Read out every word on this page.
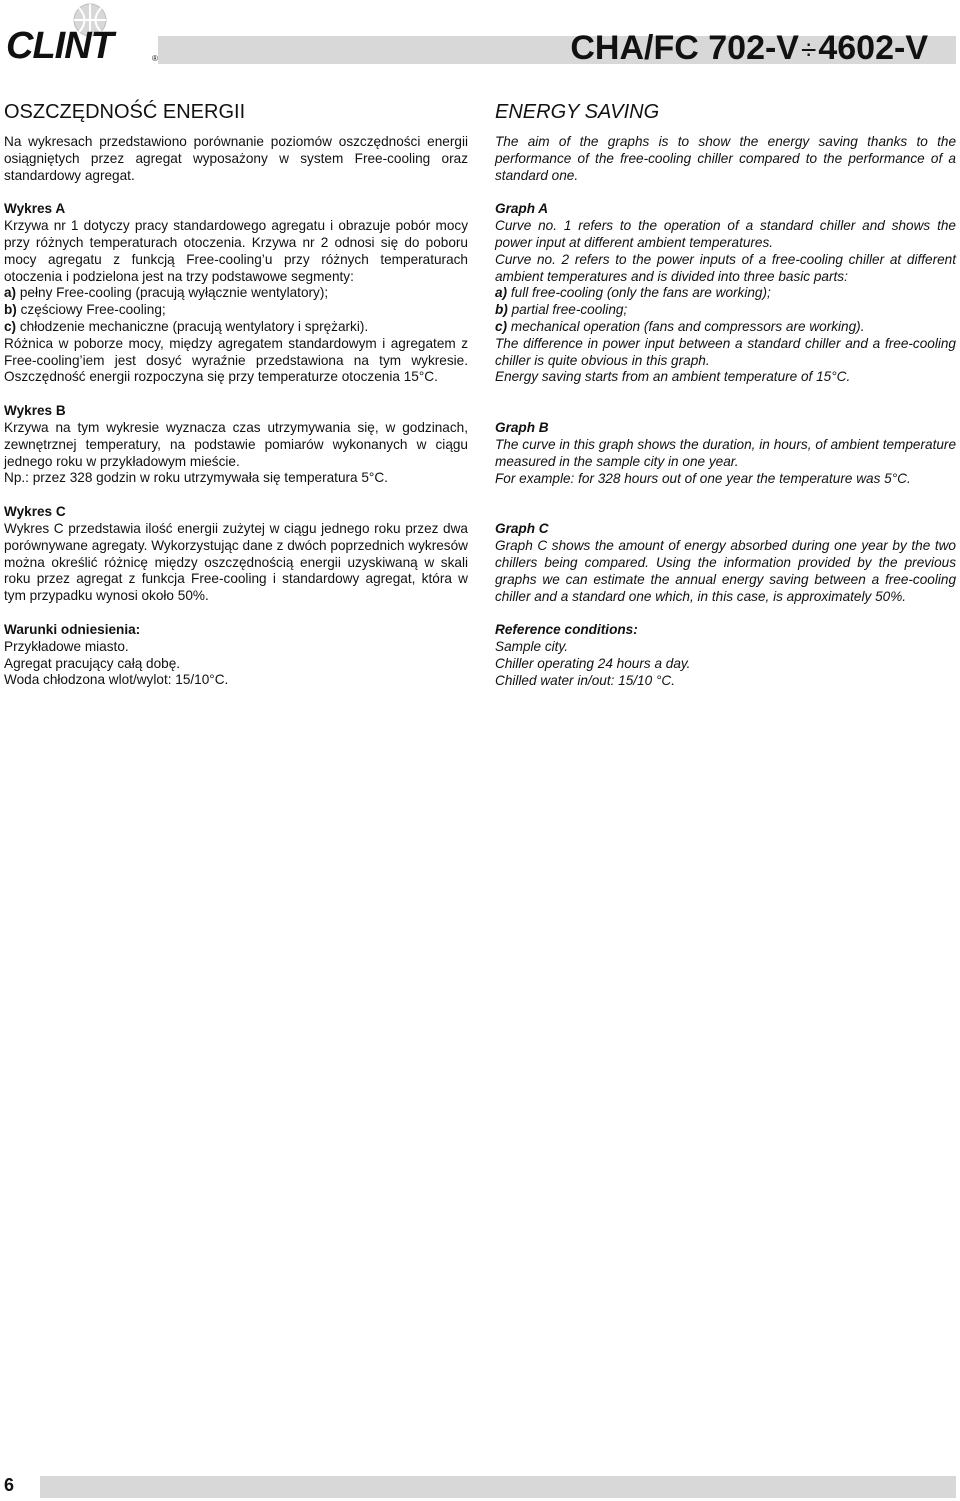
CLINT	®	CHA/FC 702-V÷4602-V
OSZCZĘDNOŚĆ ENERGII

Na wykresach przedstawiono porównanie poziomów oszczędności energii osiągniętych przez agregat wyposażony w system Free-cooling oraz standardowy agregat.

Wykres A

Krzywa nr 1 dotyczy pracy standardowego agregatu i obrazuje pobór mocy przy różnych temperaturach otoczenia. Krzywa nr 2 odnosi się do poboru mocy agregatu z funkcją Free-cooling’u przy różnych temperaturach otoczenia i podzielona jest na trzy podstawowe segmenty:

a) pełny Free-cooling (pracują wyłącznie wentylatory);

b) częściowy Free-cooling;

c) chłodzenie mechaniczne (pracują wentylatory i sprężarki).

Różnica w poborze mocy, między agregatem standardowym i agregatem z Free-cooling’iem jest dosyć wyraźnie przedstawiona na tym wykresie. Oszczędność energii rozpoczyna się przy temperaturze otoczenia 15°C.

Wykres B

Krzywa na tym wykresie wyznacza czas utrzymywania się, w godzinach, zewnętrznej temperatury, na podstawie pomiarów wykonanych w ciągu jednego roku w przykładowym mieście.

Np.: przez 328 godzin w roku utrzymywała się temperatura 5°C.

Wykres C

Wykres C przedstawia ilość energii zużytej w ciągu jednego roku przez dwa porównywane agregaty. Wykorzystując dane z dwóch poprzednich wykresów można określić różnicę między oszczędnością energii uzyskiwaną w skali roku przez agregat z funkcja Free-cooling i standardowy agregat, która w tym przypadku wynosi około 50%.

Warunki odniesienia:

Przykładowe miasto.

Agregat pracujący całą dobę.

Woda chłodzona wlot/wylot: 15/10°C.

ENERGY SAVING

The aim of the graphs is to show the energy saving thanks to the performance of the free-cooling chiller compared to the performance of a standard one.

Graph A

Curve no. 1 refers to the operation of a standard chiller and shows the power input at different ambient temperatures.

Curve no. 2 refers to the power inputs of a free-cooling chiller at different ambient temperatures and is divided into three basic parts:

a) full free-cooling (only the fans are working);

b) partial free-cooling;

c) mechanical operation (fans and compressors are working).

The difference in power input between a standard chiller and a free-cooling chiller is quite obvious in this graph.

Energy saving starts from an ambient temperature of 15°C.

Graph B

The curve in this graph shows the duration, in hours, of ambient temperature measured in the sample city in one year.

For example: for 328 hours out of one year the temperature was 5°C.

Graph C

Graph C shows the amount of energy absorbed during one year by the two chillers being compared. Using the information provided by the previous graphs we can estimate the annual energy saving between a free-cooling chiller and a standard one which, in this case, is approximately 50%.

Reference conditions:

Sample city.

Chiller operating 24 hours a day.

Chilled water in/out: 15/10 °C.

6
